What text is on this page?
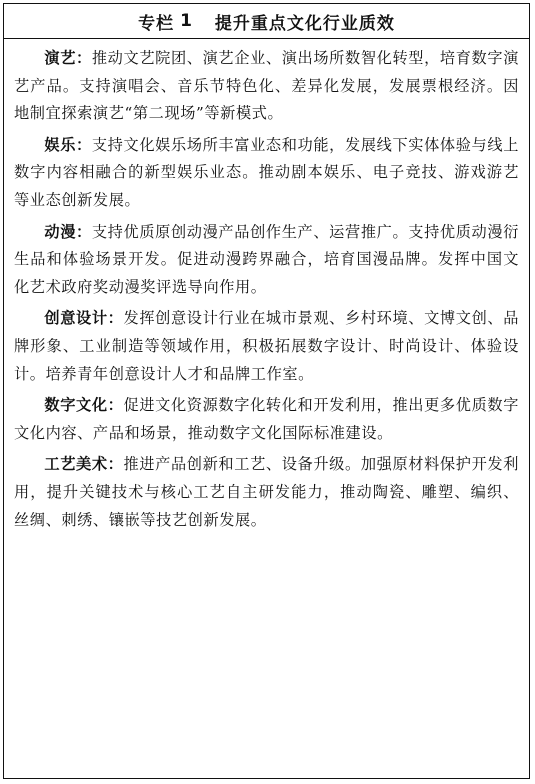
专栏 1 提升重点文化行业质效

演艺：推动文艺院团、演艺企业、演出场所数智化转型，培育数字演艺产品。支持演唱会、音乐节特色化、差异化发展，发展票根经济。因地制宜探索演艺“第二现场”等新模式。

娱乐：支持文化娱乐场所丰富业态和功能，发展线下实体体验与线上数字内容相融合的新型娱乐业态。推动剧本娱乐、电子竞技、游戏游艺等业态创新发展。

动漫：支持优质原创动漫产品创作生产、运营推广。支持优质动漫衍生品和体验场景开发。促进动漫跨界融合，培育国漫品牌。发挥中国文化艺术政府奖动漫奖评选导向作用。

创意设计：发挥创意设计行业在城市景观、乡村环境、文博文创、品牌形象、工业制造等领域作用，积极拓展数字设计、时尚设计、体验设计。培养青年创意设计人才和品牌工作室。

数字文化：促进文化资源数字化转化和开发利用，推出更多优质数字文化内容、产品和场景，推动数字文化国际标准建设。

工艺美术：推进产品创新和工艺、设备升级。加强原材料保护开发利用，提升关键技术与核心工艺自主研发能力，推动陶瓷、雕塑、编织、丝绸、刺绣、镶嵌等技艺创新发展。
